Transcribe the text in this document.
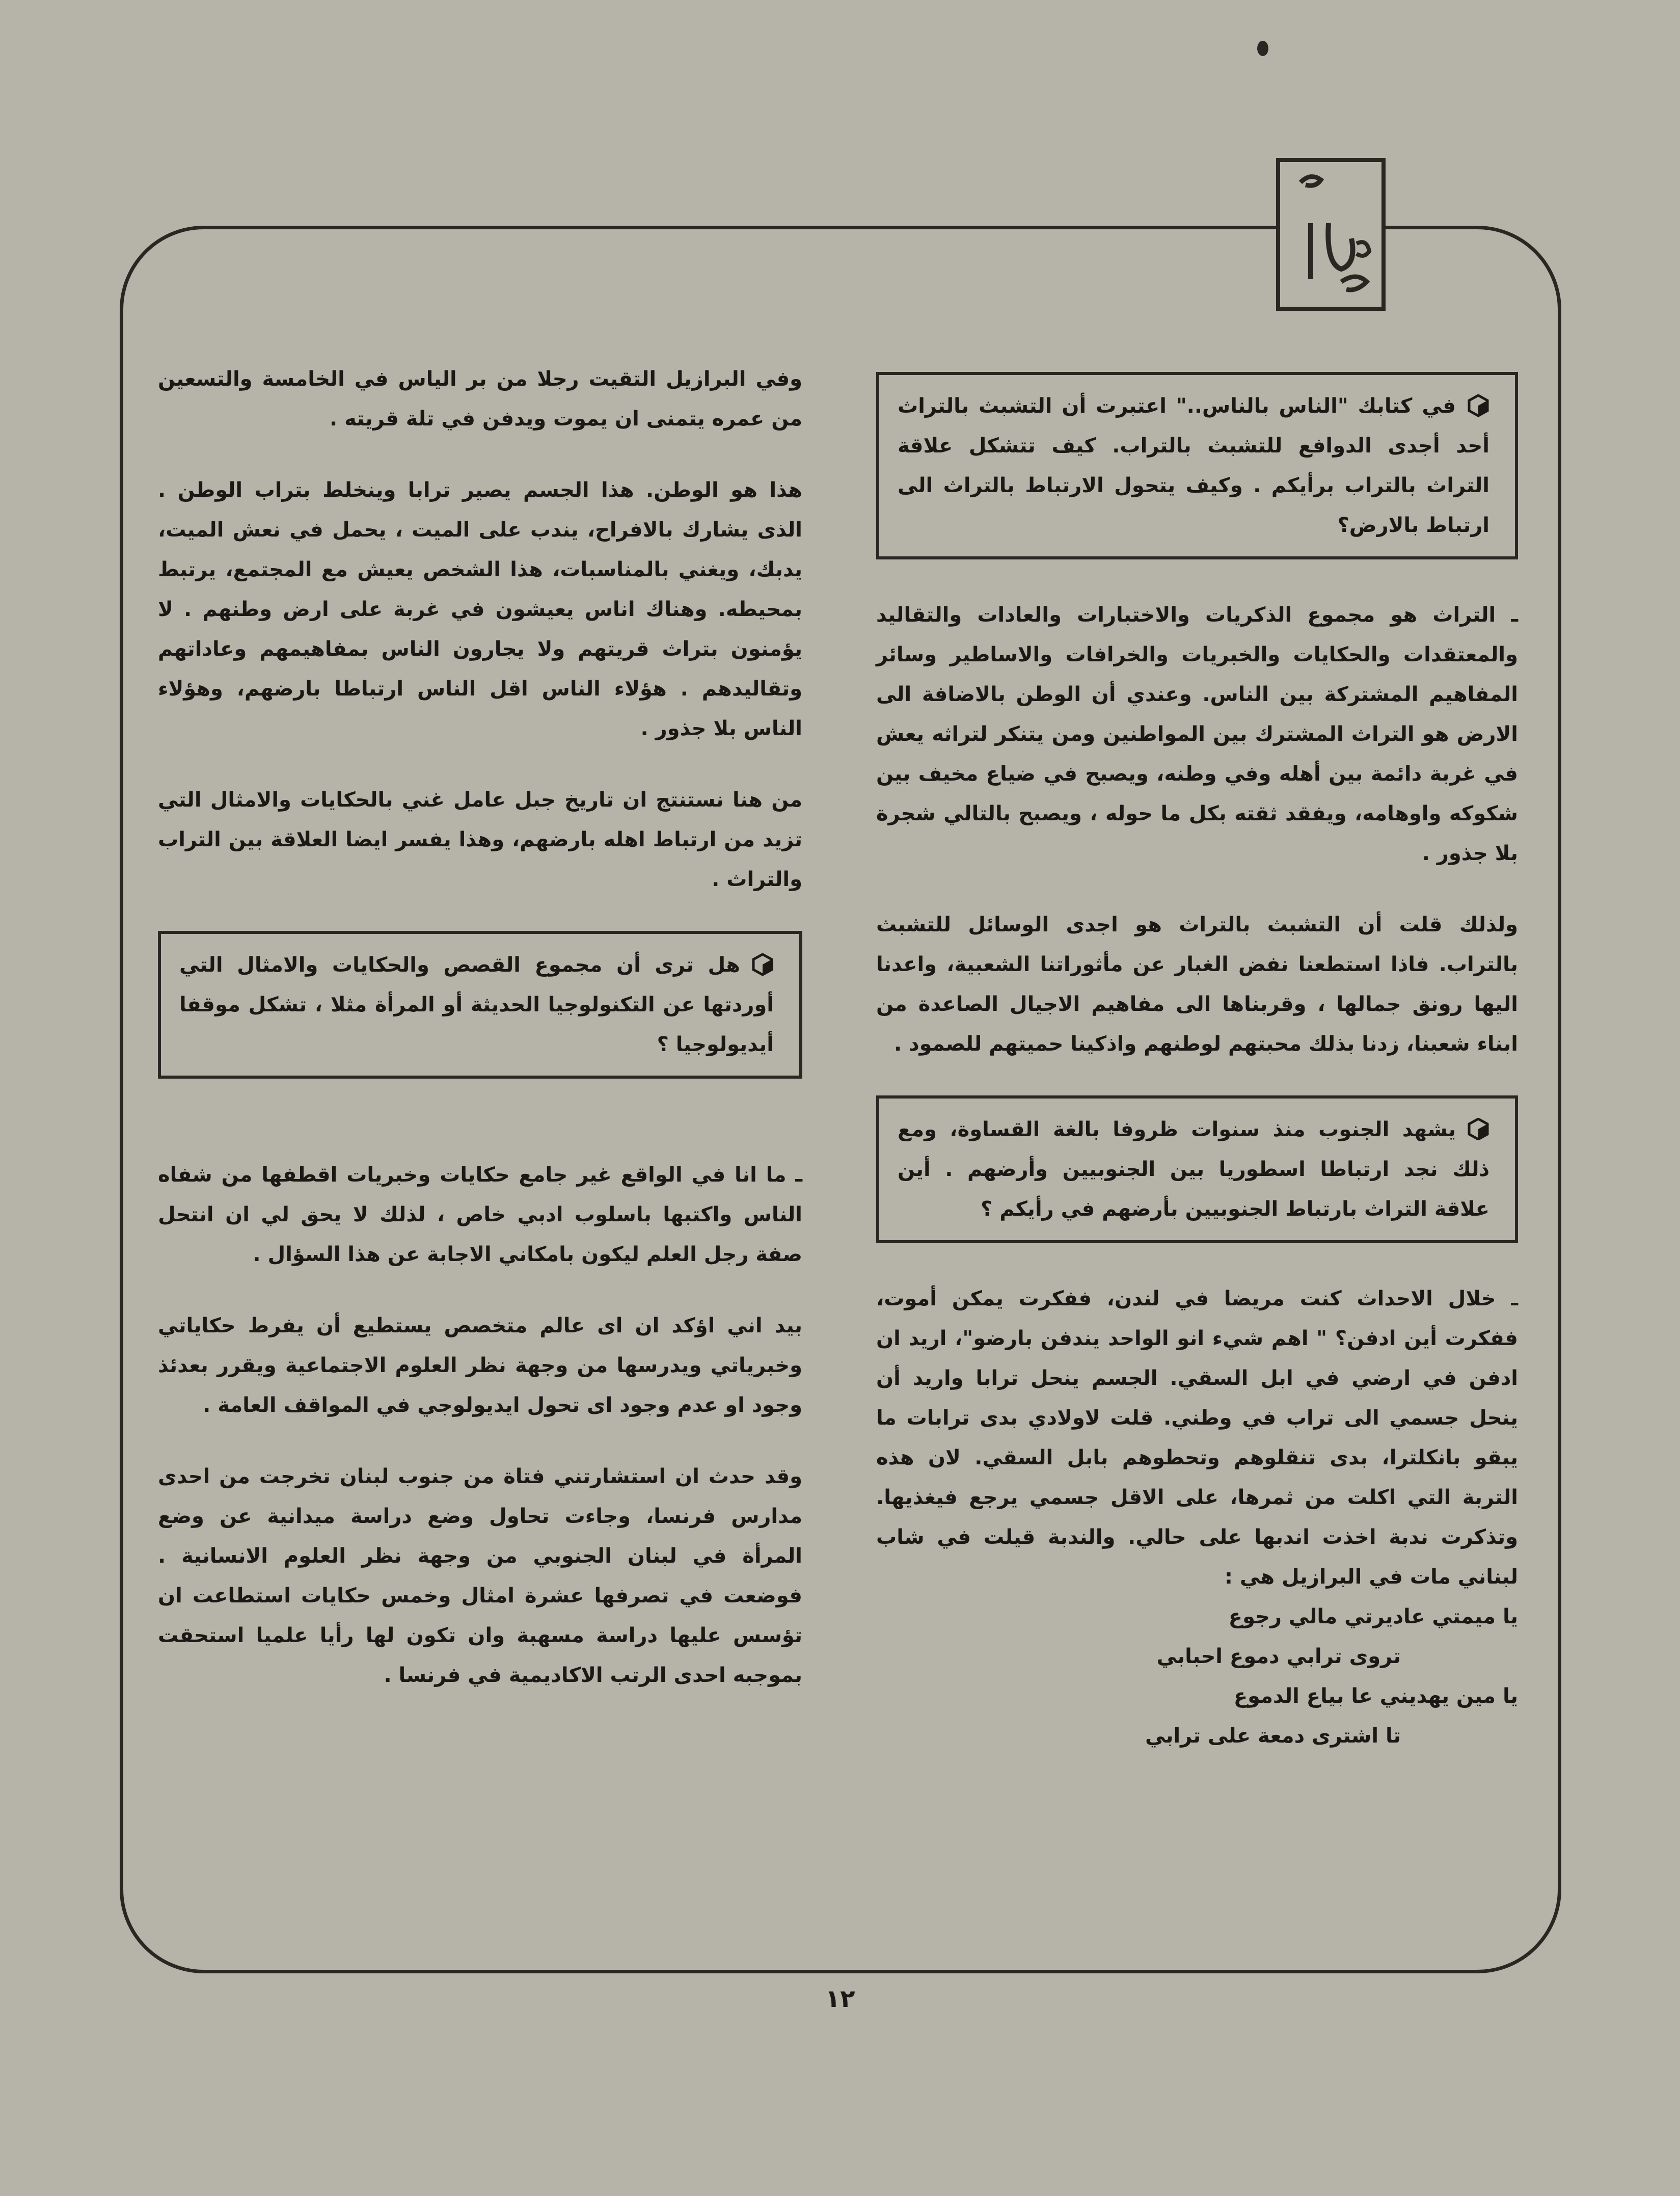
في كتابك "الناس بالناس.." اعتبرت أن التشبث بالتراث أحد أجدى الدوافع للتشبث بالتراب. كيف تتشكل علاقة التراث بالتراب برأيكم . وكيف يتحول الارتباط بالتراث الى ارتباط بالارض؟

ـ التراث هو مجموع الذكريات والاختبارات والعادات والتقاليد والمعتقدات والحكايات والخبريات والخرافات والاساطير وسائر المفاهيم المشتركة بين الناس. وعندي أن الوطن بالاضافة الى الارض هو التراث المشترك بين المواطنين ومن يتنكر لتراثه يعش في غربة دائمة بين أهله وفي وطنه، ويصبح في ضياع مخيف بين شكوكه واوهامه، ويفقد ثقته بكل ما حوله ، ويصبح بالتالي شجرة بلا جذور .

ولذلك قلت أن التشبث بالتراث هو اجدى الوسائل للتشبث بالتراب. فاذا استطعنا نفض الغبار عن مأثوراتنا الشعبية، واعدنا اليها رونق جمالها ، وقربناها الى مفاهيم الاجيال الصاعدة من ابناء شعبنا، زدنا بذلك محبتهم لوطنهم واذكينا حميتهم للصمود .

يشهد الجنوب منذ سنوات ظروفا بالغة القساوة، ومع ذلك نجد ارتباطا اسطوريا بين الجنوبيين وأرضهم . أين علاقة التراث بارتباط الجنوبيين بأرضهم في رأيكم ؟

ـ خلال الاحداث كنت مريضا في لندن، ففكرت يمكن أموت، ففكرت أين ادفن؟ " اهم شيء انو الواحد يندفن بارضو"، اريد ان ادفن في ارضي في ابل السقي. الجسم ينحل ترابا واريد أن ينحل جسمي الى تراب في وطني. قلت لاولادي بدى ترابات ما يبقو بانكلترا، بدى تنقلوهم وتحطوهم بابل السقي. لان هذه التربة التي اكلت من ثمرها، على الاقل جسمي يرجع فيغذيها. وتذكرت ندبة اخذت اندبها على حالي. والندبة قيلت في شاب لبناني مات في البرازيل هي :

يا ميمتي عاديرتي مالي رجوع
تروى ترابي دموع احبابي
يا مين يهديني عا بياع الدموع
تا اشترى دمعة على ترابي

وفي البرازيل التقيت رجلا من بر الياس في الخامسة والتسعين من عمره يتمنى ان يموت ويدفن في تلة قريته .

هذا هو الوطن. هذا الجسم يصير ترابا وينخلط بتراب الوطن . الذى يشارك بالافراح، يندب على الميت ، يحمل في نعش الميت، يدبك، ويغني بالمناسبات، هذا الشخص يعيش مع المجتمع، يرتبط بمحيطه. وهناك اناس يعيشون في غربة على ارض وطنهم . لا يؤمنون بتراث قريتهم ولا يجارون الناس بمفاهيمهم وعاداتهم وتقاليدهم . هؤلاء الناس اقل الناس ارتباطا بارضهم، وهؤلاء الناس بلا جذور .

من هنا نستنتج ان تاريخ جبل عامل غني بالحكايات والامثال التي تزيد من ارتباط اهله بارضهم، وهذا يفسر ايضا العلاقة بين التراب والتراث .

هل ترى أن مجموع القصص والحكايات والامثال التي أوردتها عن التكنولوجيا الحديثة أو المرأة مثلا ، تشكل موقفا أيديولوجيا ؟

ـ ما انا في الواقع غير جامع حكايات وخبريات اقطفها من شفاه الناس واكتبها باسلوب ادبي خاص ، لذلك لا يحق لي ان انتحل صفة رجل العلم ليكون بامكاني الاجابة عن هذا السؤال .

بيد اني اؤكد ان اى عالم متخصص يستطيع أن يفرط حكاياتي وخبرياتي ويدرسها من وجهة نظر العلوم الاجتماعية ويقرر بعدئذ وجود او عدم وجود اى تحول ايديولوجي في المواقف العامة .

وقد حدث ان استشارتني فتاة من جنوب لبنان تخرجت من احدى مدارس فرنسا، وجاءت تحاول وضع دراسة ميدانية عن وضع المرأة في لبنان الجنوبي من وجهة نظر العلوم الانسانية . فوضعت في تصرفها عشرة امثال وخمس حكايات استطاعت ان تؤسس عليها دراسة مسهبة وان تكون لها رأيا علميا استحقت بموجبه احدى الرتب الاكاديمية في فرنسا .

١٢
